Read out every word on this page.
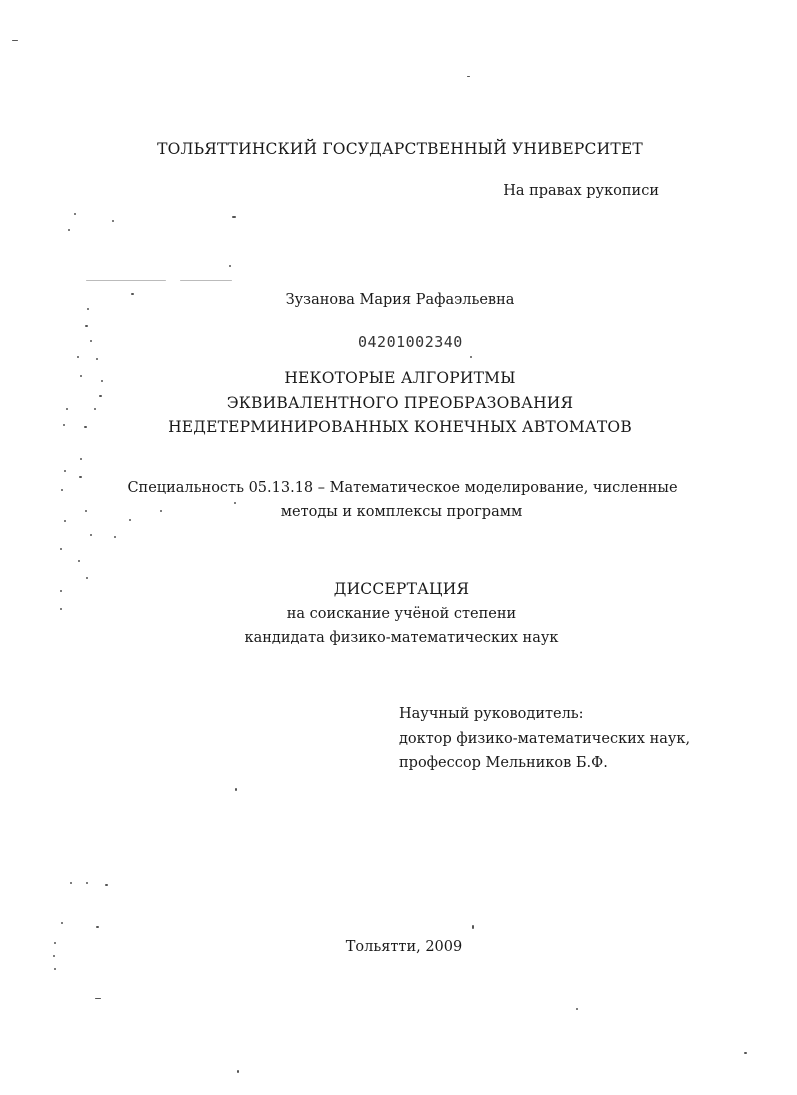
ТОЛЬЯТТИНСКИЙ ГОСУДАРСТВЕННЫЙ УНИВЕРСИТЕТ
На правах рукописи
Зузанова Мария Рафаэльевна
04201002340
НЕКОТОРЫЕ АЛГОРИТМЫ
ЭКВИВАЛЕНТНОГО ПРЕОБРАЗОВАНИЯ
НЕДЕТЕРМИНИРОВАННЫХ КОНЕЧНЫХ АВТОМАТОВ
Специальность 05.13.18 – Математическое моделирование, численные
методы и комплексы программ
ДИССЕРТАЦИЯ
на соискание учёной степени
кандидата физико-математических наук
Научный руководитель:
доктор физико-математических наук,
профессор Мельников Б.Ф.
Тольятти, 2009
